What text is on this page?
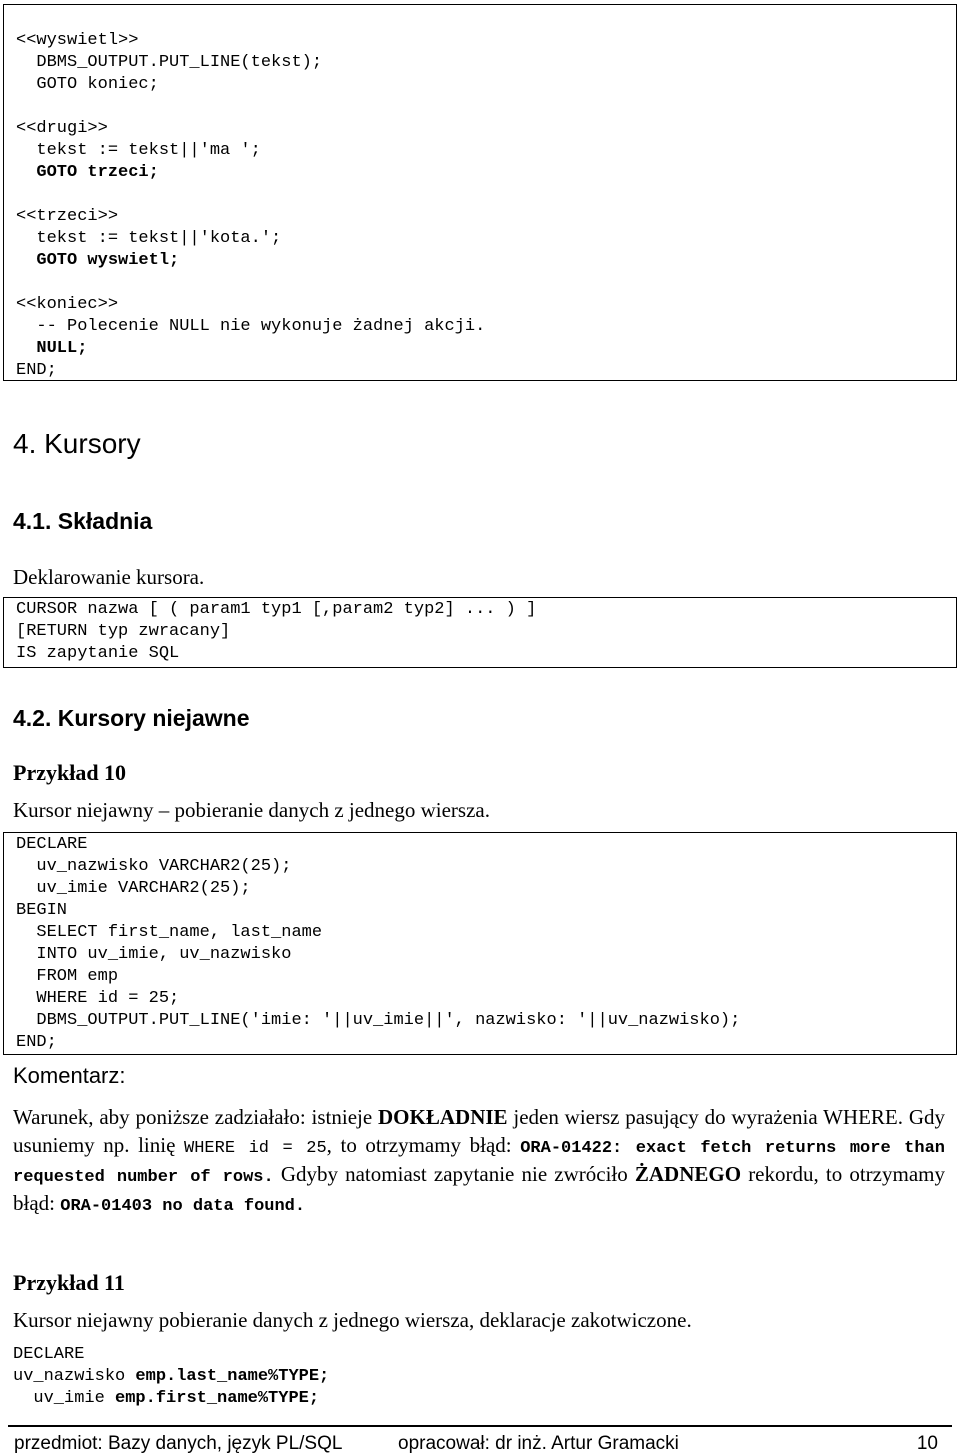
<<wyswietl>>
DBMS_OUTPUT.PUT_LINE(tekst);
GOTO koniec;
<<drugi>>
tekst := tekst||'ma ';
GOTO trzeci;
<<trzeci>>
tekst := tekst||'kota.';
GOTO wyswietl;
<<koniec>>
-- Polecenie NULL nie wykonuje żadnej akcji.
NULL;
END;
4. Kursory
4.1. Składnia
Deklarowanie kursora.
CURSOR nazwa [ ( param1 typ1 [,param2 typ2] ... ) ]
[RETURN typ zwracany]
IS zapytanie SQL
4.2. Kursory niejawne
Przykład 10
Kursor niejawny – pobieranie danych z jednego wiersza.
DECLARE
uv_nazwisko VARCHAR2(25);
uv_imie VARCHAR2(25);
BEGIN
SELECT first_name, last_name
INTO uv_imie, uv_nazwisko
FROM emp
WHERE id = 25;
DBMS_OUTPUT.PUT_LINE('imie: '||uv_imie||', nazwisko: '||uv_nazwisko);
END;
Komentarz:
Warunek, aby poniższe zadziałało: istnieje DOKŁADNIE jeden wiersz pasujący do wyrażenia WHERE. Gdy usuniemy np. linię WHERE id = 25, to otrzymamy błąd: ORA-01422: exact fetch returns more than requested number of rows. Gdyby natomiast zapytanie nie zwróciło ŻADNEGO rekordu, to otrzymamy błąd: ORA-01403 no data found.
Przykład 11
Kursor niejawny pobieranie danych z jednego wiersza, deklaracje zakotwiczone.
DECLARE
uv_nazwisko emp.last_name%TYPE;
uv_imie emp.first_name%TYPE;
przedmiot: Bazy danych, język PL/SQL	opracował: dr inż. Artur Gramacki	10
